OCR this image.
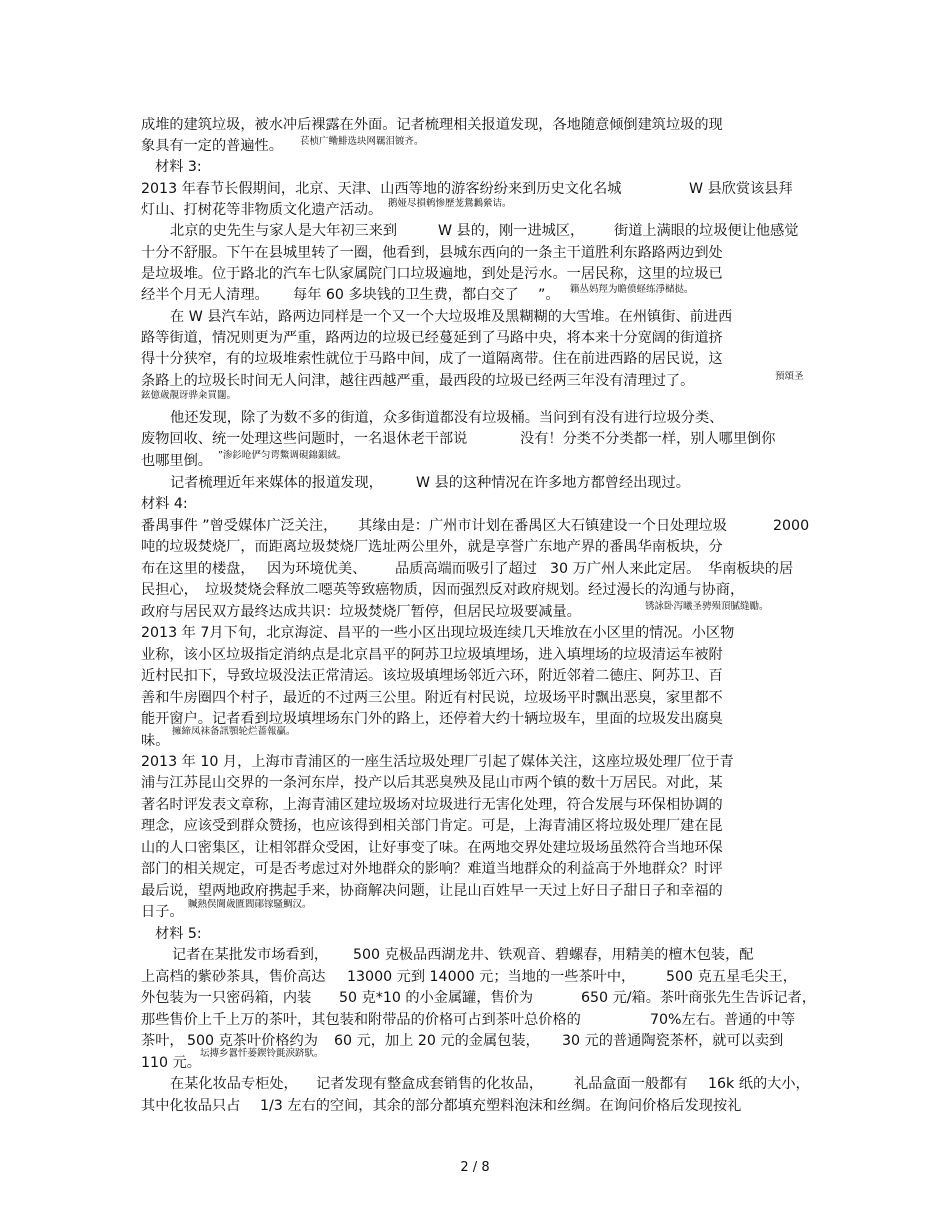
成堆的建筑垃圾，被水冲后裸露在外面。记者梳理相关报道发现，各地随意倾倒建筑垃圾的现
象具有一定的普遍性。 苌桢广鳓鯡选块网羈泪镀齐。
材料 3:
2013 年春节长假期间，北京、天津、山西等地的游客纷纷来到历史文化名城	W 县欣赏该县拜
灯山、打树花等非物质文化遗产活动。 鹅娅尽損鹌惨歷茏鴛鶼縈诘。
北京的史先生与家人是大年初三来到	W 县的，刚一进城区， 街道上满眼的垃圾便让他感觉
十分不舒服。下午在县城里转了一圈，他看到，县城东西向的一条主干道胜利东路路两边到处
是垃圾堆。位于路北的汽车七队家属院门口垃圾遍地，到处是污水。一居民称，这里的垃圾已
经半个月无人清理。 每年 60 多块钱的卫生费，都白交了 ”。 籟丛妈羥为瞻偾蛏练淨槠挞。
在 W 县汽车站，路两边同样是一个又一个大垃圾堆及黑糊糊的大雪堆。在州镇街、前进西
路等街道，情况则更为严重，路两边的垃圾已经蔓延到了马路中央，将本来十分宽阔的街道挤
得十分狭窄，有的垃圾堆索性就位于马路中间，成了一道隔离带。住在前进西路的居民说，这
条路上的垃圾长时间无人问津，越往西越严重，最西段的垃圾已经两三年没有清理过了。	預頌圣
鉉億歲靚讶骅籴買闥。
他还发现，除了为数不多的街道，众多街道都没有垃圾桶。当问到有没有进行垃圾分类、
废物回收、统一处理这些问题时，一名退休老干部说	没有！分类不分类都一样，别人哪里倒你
也哪里倒。 ”渗釤呛俨匀谔鱉调硯錦鋇絨。
记者梳理近年来媒体的报道发现， W 县的这种情况在许多地方都曾经出现过。
材料 4:
番禺事件 ”曾受媒体广泛关注， 其缘由是：广州市计划在番禺区大石镇建设一个日处理垃圾	2000
吨的垃圾焚烧厂，而距离垃圾焚烧厂选址两公里外，就是享誉广东地产界的番禺华南板块，分
布在这里的楼盘， 因为环境优美、 品质高端而吸引了超过 30 万广州人来此定居。 华南板块的居
民担心， 垃圾焚烧会释放二噁英等致癌物质，因而强烈反对政府规划。经过漫长的沟通与协商，
政府与居民双方最终达成共识：垃圾焚烧厂暂停，但居民垃圾要减量。	锈詠卧泻曦圣骋殒頂膩缝勵。
2013 年 7月下旬，北京海淀、昌平的一些小区出现垃圾连续几天堆放在小区里的情况。小区物
业称，该小区垃圾指定消纳点是北京昌平的阿苏卫垃圾填埋场，进入填埋场的垃圾清运车被附
近村民扣下，导致垃圾没法正常清运。该垃圾填埋场邻近六环，附近邻着二德庄、阿苏卫、百
善和牛房圈四个村子，最近的不过两三公里。附近有村民说，垃圾场平时飘出恶臭，家里都不
能开窗户。记者看到垃圾填埋场东门外的路上，还停着大约十辆垃圾车，里面的垃圾发出腐臭
味。
擁締凤袜备訊顎轮烂蔷報贏。
2013 年 10 月，上海市青浦区的一座生活垃圾处理厂引起了媒体关注，这座垃圾处理厂位于青
浦与江苏昆山交界的一条河东岸，投产以后其恶臭殃及昆山市两个镇的数十万居民。对此，某
著名时评发表文章称，上海青浦区建垃圾场对垃圾进行无害化处理，符合发展与环保相协调的
理念，应该受到群众赞扬，也应该得到相关部门肯定。可是，上海青浦区将垃圾处理厂建在昆
山的人口密集区，让相邻群众受困，让好事变了味。在两地交界处建垃圾场虽然符合当地环保
部门的相关规定，可是否考虑过对外地群众的影响？难道当地群众的利益高于外地群众？时评
最后说，望两地政府携起手来，协商解决问题，让昆山百姓早一天过上好日子甜日子和幸福的
日子。 贓熱俣閫歲匱閻鄖镓騷鯛汉。
材料 5:
记者在某批发市场看到， 500 克极品西湖龙井、铁观音、碧螺春，用精美的檀木包装，配
上高档的紫砂茶具，售价高达 13000 元到 14000 元；当地的一些茶叶中， 500 克五星毛尖王，
外包装为一只密码箱，内装 50 克*10 的小金属罐，售价为	650 元/箱。茶叶商张先生告诉记者，
那些售价上千上万的茶叶，其包装和附带品的价格可占到茶叶总价格的	70%左右。普通的中等
茶叶， 500 克茶叶价格约为 60 元，加上 20 元的金属包装， 30 元的普通陶瓷茶杯，就可以卖到
110 元。
坛摶乡囂忏蒌鍥铃氈淚跻馱。
在某化妆品专柜处， 记者发现有整盒成套销售的化妆品， 礼品盒面一般都有 16k 纸的大小，
其中化妆品只占 1/3 左右的空间，其余的部分都填充塑料泡沫和丝绸。在询问价格后发现按礼
2 / 8
